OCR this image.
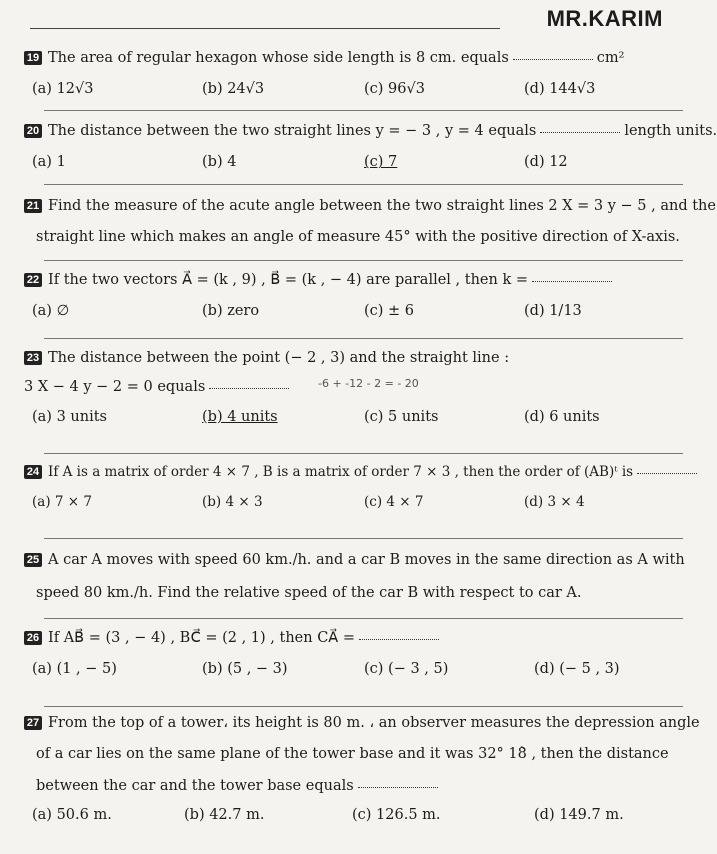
MR.KARIM
19 The area of regular hexagon whose side length is 8 cm. equals	cm²
(a) 12√3	(b) 24√3	(c) 96√3	(d) 144√3
20 The distance between the two straight lines y = − 3 , y = 4 equals	length units.
(a) 1	(b) 4	(c) 7	(d) 12
21 Find the measure of the acute angle between the two straight lines 2 X = 3 y − 5 , and the
straight line which makes an angle of measure 45° with the positive direction of X-axis.
22 If the two vectors A⃗ = (k , 9) , B⃗ = (k , − 4) are parallel , then k =
(a) ∅	(b) zero	(c) ± 6	(d) 1/13
23 The distance between the point (− 2 , 3) and the straight line :
3 X − 4 y − 2 = 0 equals
(a) 3 units	(b) 4 units	(c) 5 units	(d) 6 units
-6 + -12 - 2 = - 20
24 If A is a matrix of order 4 × 7 , B is a matrix of order 7 × 3 , then the order of (AB)ᵗ is
(a) 7 × 7	(b) 4 × 3	(c) 4 × 7	(d) 3 × 4
25 A car A moves with speed 60 km./h. and a car B moves in the same direction as A with
speed 80 km./h. Find the relative speed of the car B with respect to car A.
26 If AB⃗ = (3 , − 4) , BC⃗ = (2 , 1) , then CA⃗ =
(a) (1 , − 5)	(b) (5 , − 3)	(c) (− 3 , 5)	(d) (− 5 , 3)
27 From the top of a tower، its height is 80 m. ، an observer measures the depression angle
of a car lies on the same plane of the tower base and it was 32° 18̀ , then the distance
between the car and the tower base equals
(a) 50.6 m.	(b) 42.7 m.	(c) 126.5 m.	(d) 149.7 m.
